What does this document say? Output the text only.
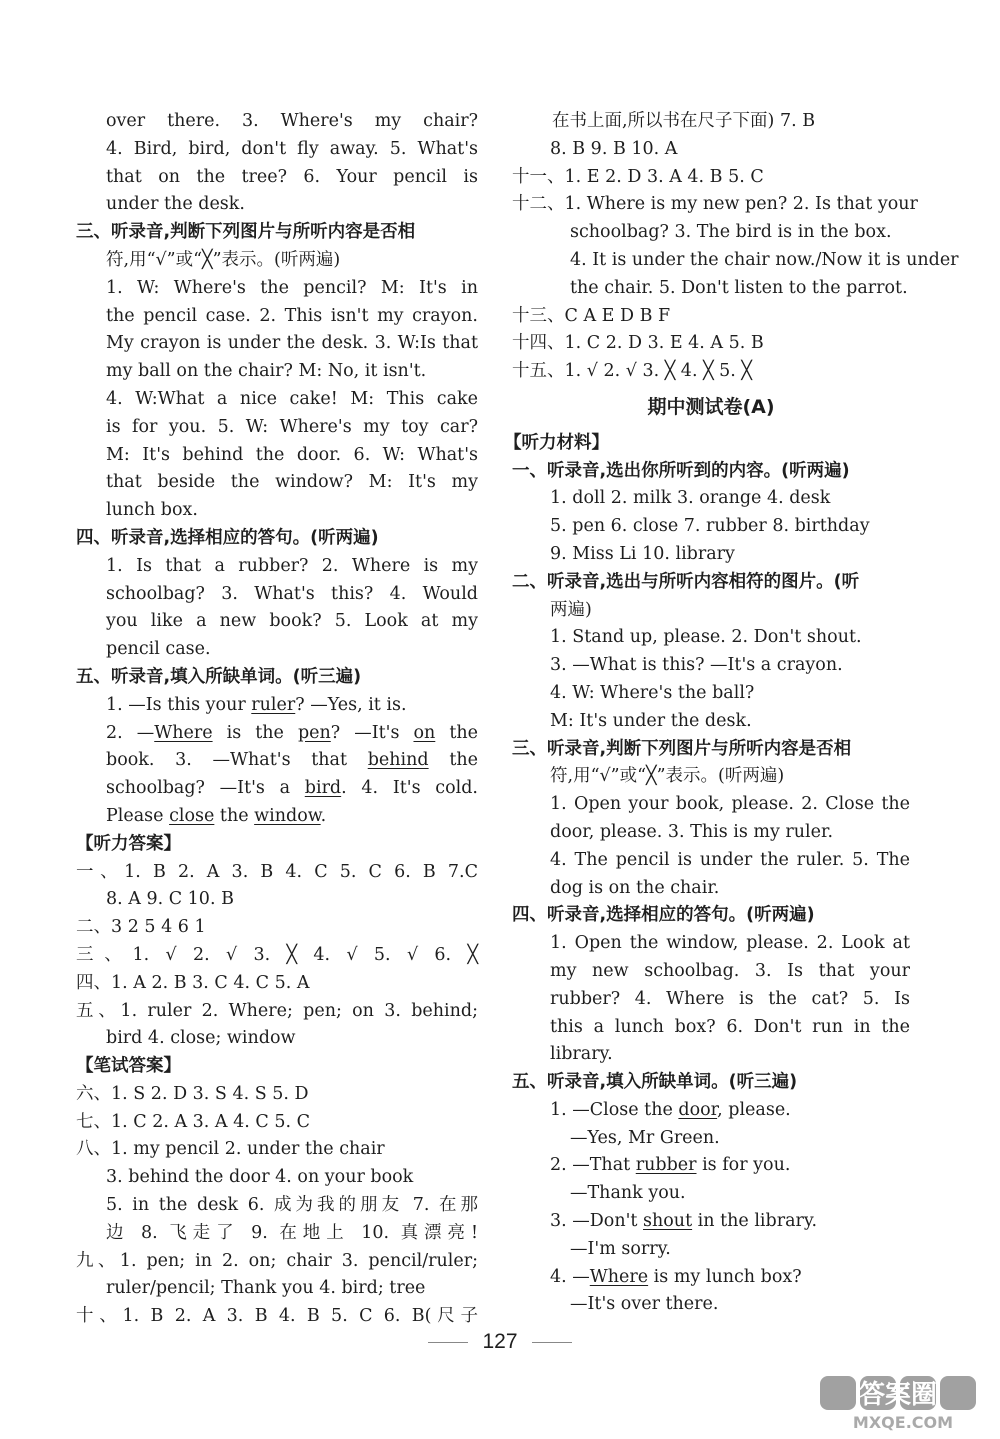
over there. 3. Where's my chair?
4. Bird, bird, don't fly away. 5. What's
that on the tree? 6. Your pencil is
under the desk.
三、听录音,判断下列图片与所听内容是否相
符,用“√”或“╳”表示。(听两遍)
1. W: Where's the pencil? M: It's in
the pencil case. 2. This isn't my crayon.
My crayon is under the desk. 3. W:Is that
my ball on the chair? M: No, it isn't.
4. W:What a nice cake! M: This cake
is for you. 5. W: Where's my toy car?
M: It's behind the door. 6. W: What's
that beside the window? M: It's my
lunch box.
四、听录音,选择相应的答句。(听两遍)
1. Is that a rubber? 2. Where is my
schoolbag? 3. What's this? 4. Would
you like a new book? 5. Look at my
pencil case.
五、听录音,填入所缺单词。(听三遍)
1. —Is this your ruler? —Yes, it is.
2. —Where is the pen? —It's on the
book. 3. —What's that behind the
schoolbag? —It's a bird. 4. It's cold.
Please close the window.
【听力答案】
一、1. B 2. A 3. B 4. C 5. C 6. B 7.C
8. A 9. C 10. B
二、3 2 5 4 6 1
三、1. √ 2. √ 3. ╳ 4. √ 5. √ 6. ╳
四、1. A 2. B 3. C 4. C 5. A
五、1. ruler 2. Where; pen; on 3. behind;
bird 4. close; window
【笔试答案】
六、1. S 2. D 3. S 4. S 5. D
七、1. C 2. A 3. A 4. C 5. C
八、1. my pencil 2. under the chair
3. behind the door 4. on your book
5. in the desk 6. 成为我的朋友 7. 在那
边 8. 飞走了 9. 在地上 10. 真漂亮!
九、1. pen; in 2. on; chair 3. pencil/ruler;
ruler/pencil; Thank you 4. bird; tree
十、1. B 2. A 3. B 4. B 5. C 6. B(尺子
在书上面,所以书在尺子下面) 7. B
8. B 9. B 10. A
十一、1. E 2. D 3. A 4. B 5. C
十二、1. Where is my new pen? 2. Is that your
schoolbag? 3. The bird is in the box.
4. It is under the chair now./Now it is under
the chair. 5. Don't listen to the parrot.
十三、C A E D B F
十四、1. C 2. D 3. E 4. A 5. B
十五、1. √ 2. √ 3. ╳ 4. ╳ 5. ╳
期中测试卷(A)
【听力材料】
一、听录音,选出你所听到的内容。(听两遍)
1. doll 2. milk 3. orange 4. desk
5. pen 6. close 7. rubber 8. birthday
9. Miss Li 10. library
二、听录音,选出与所听内容相符的图片。(听
两遍)
1. Stand up, please. 2. Don't shout.
3. —What is this? —It's a crayon.
4. W: Where's the ball?
M: It's under the desk.
三、听录音,判断下列图片与所听内容是否相
符,用“√”或“╳”表示。(听两遍)
1. Open your book, please. 2. Close the
door, please. 3. This is my ruler.
4. The pencil is under the ruler. 5. The
dog is on the chair.
四、听录音,选择相应的答句。(听两遍)
1. Open the window, please. 2. Look at
my new schoolbag. 3. Is that your
rubber? 4. Where is the cat? 5. Is
this a lunch box? 6. Don't run in the
library.
五、听录音,填入所缺单词。(听三遍)
1. —Close the door, please.
—Yes, Mr Green.
2. —That rubber is for you.
—Thank you.
3. —Don't shout in the library.
—I'm sorry.
4. —Where is my lunch box?
—It's over there.
127
答案圈
MXQE.COM
